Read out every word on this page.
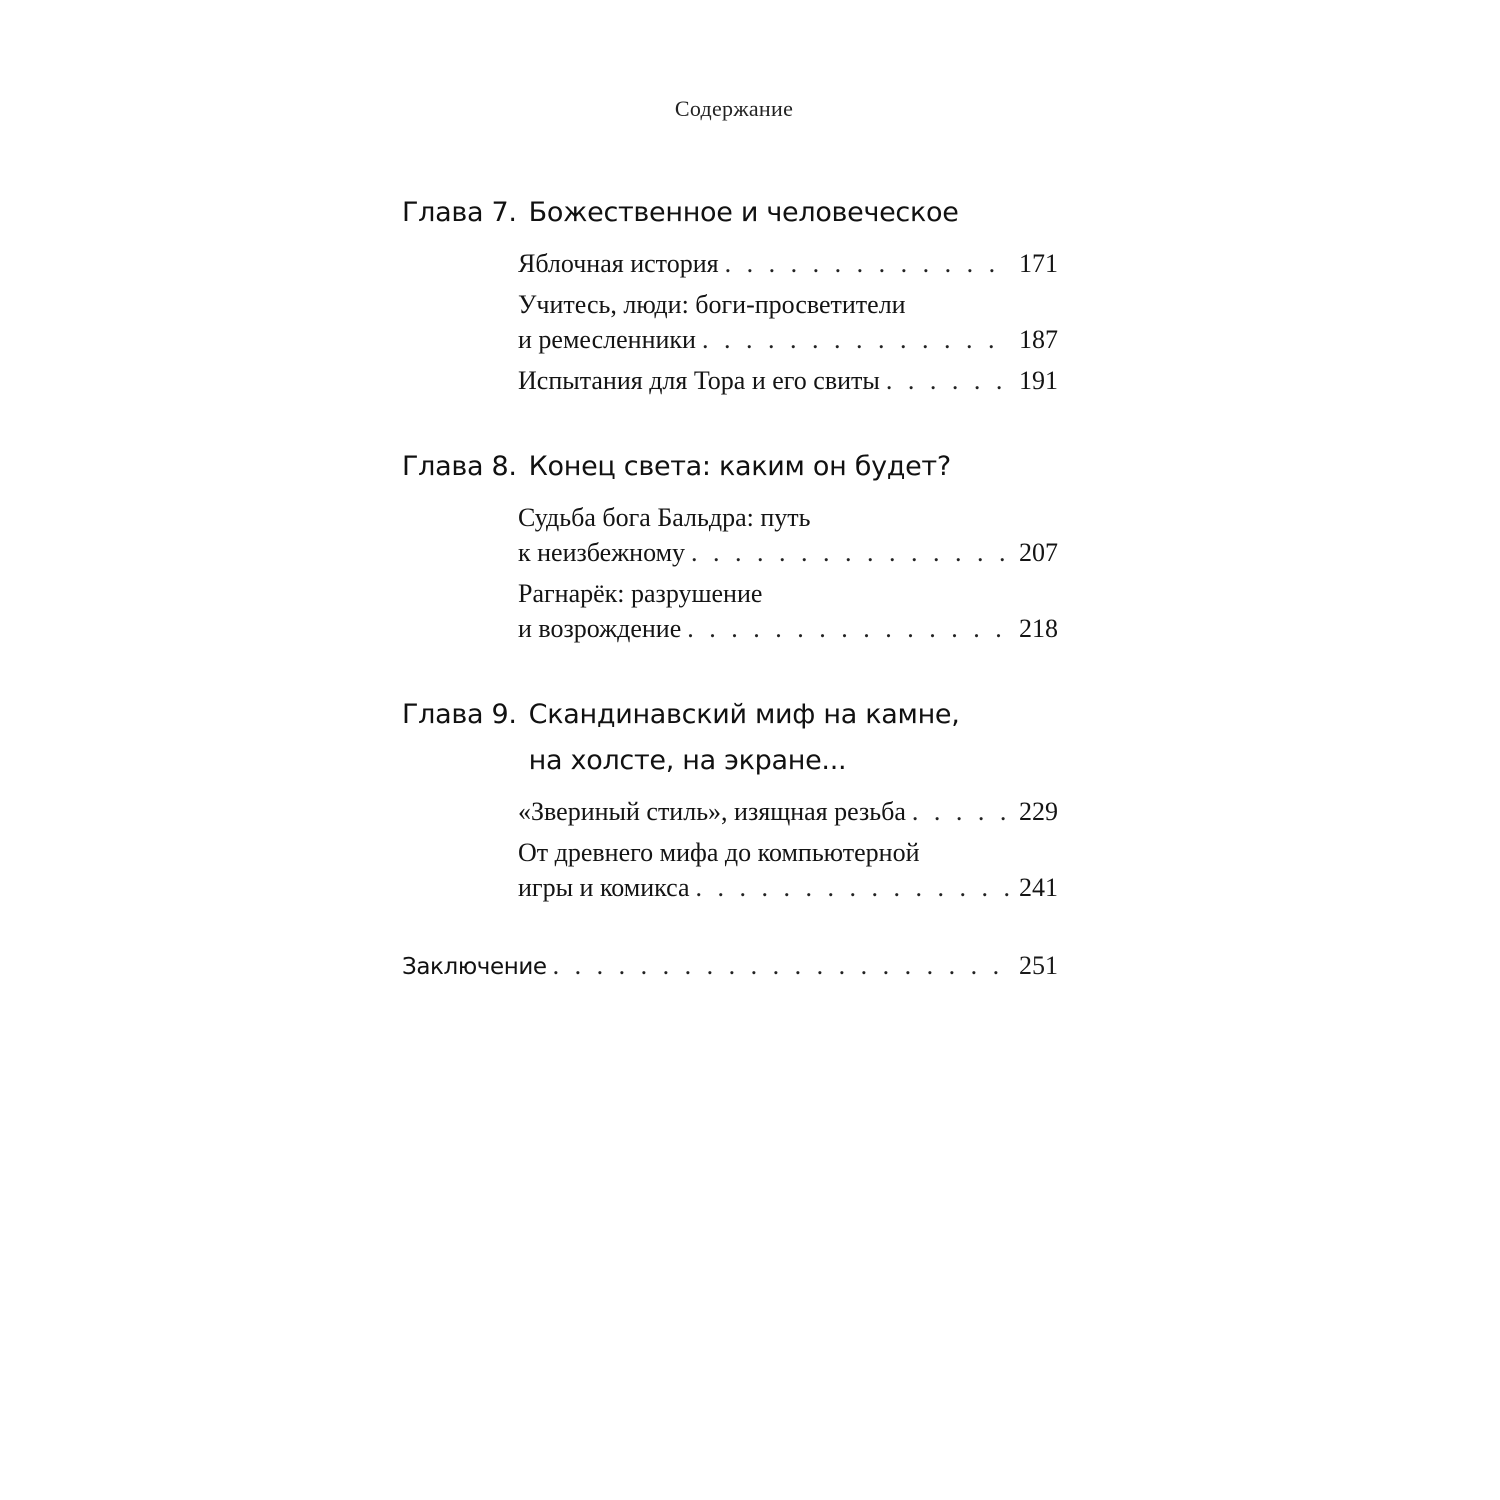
Содержание
Глава 7. Божественное и человеческое
Яблочная история . . .	171
Учитесь, люди: боги-просветители
и ремесленники . . .	187
Испытания для Тора и его свиты . . .	191
Глава 8. Конец света: каким он будет?
Судьба бога Бальдра: путь
к неизбежному . . .	207
Рагнарёк: разрушение
и возрождение . . .	218
Глава 9. Скандинавский миф на камне,
на холсте, на экране...
«Звериный стиль», изящная резьба . . .	229
От древнего мифа до компьютерной
игры и комикса . . .	241
Заключение . . .	251
